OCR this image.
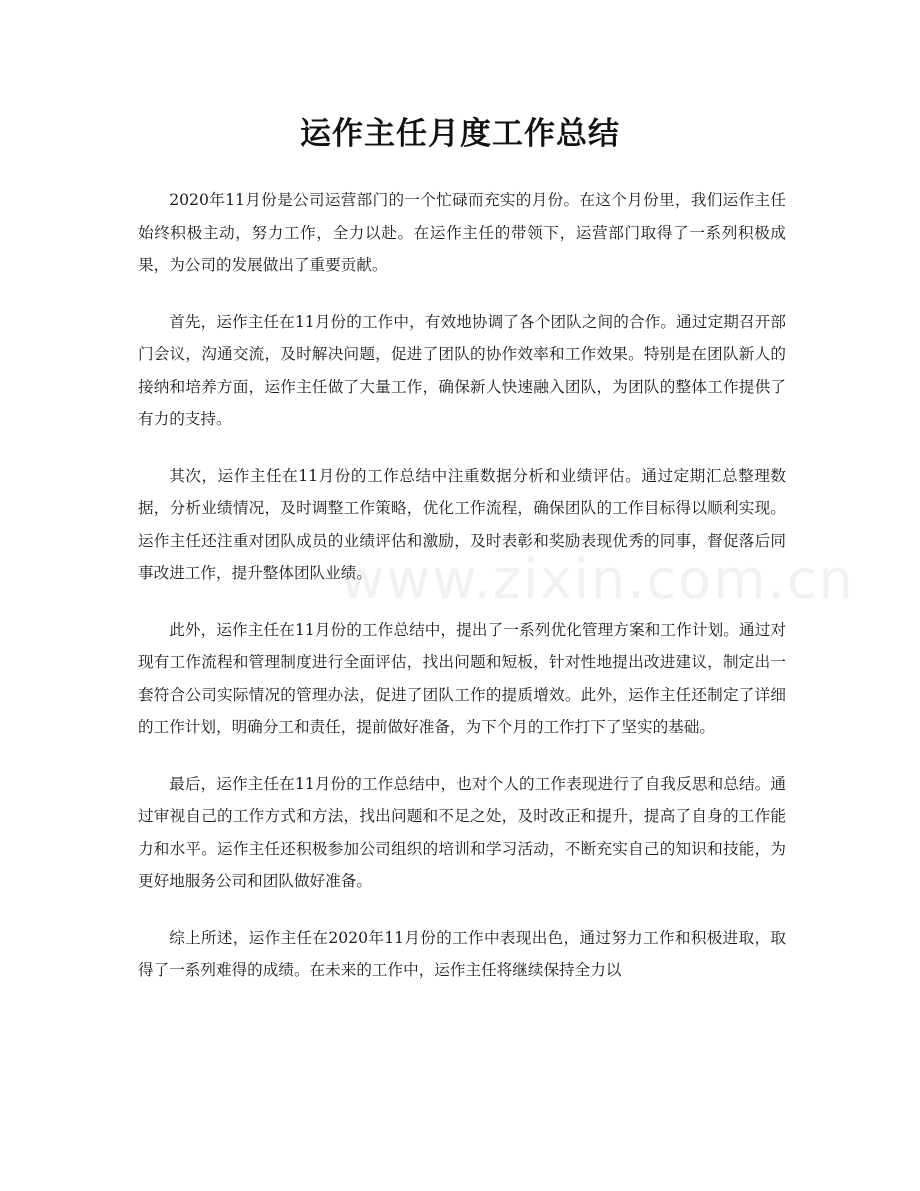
运作主任月度工作总结
www.zixin.com.cn

2020年11月份是公司运营部门的一个忙碌而充实的月份。在这个月份里，我们运作主任始终积极主动，努力工作，全力以赴。在运作主任的带领下，运营部门取得了一系列积极成果，为公司的发展做出了重要贡献。

首先，运作主任在11月份的工作中，有效地协调了各个团队之间的合作。通过定期召开部门会议，沟通交流，及时解决问题，促进了团队的协作效率和工作效果。特别是在团队新人的接纳和培养方面，运作主任做了大量工作，确保新人快速融入团队，为团队的整体工作提供了有力的支持。

其次，运作主任在11月份的工作总结中注重数据分析和业绩评估。通过定期汇总整理数据，分析业绩情况，及时调整工作策略，优化工作流程，确保团队的工作目标得以顺利实现。运作主任还注重对团队成员的业绩评估和激励，及时表彰和奖励表现优秀的同事，督促落后同事改进工作，提升整体团队业绩。

此外，运作主任在11月份的工作总结中，提出了一系列优化管理方案和工作计划。通过对现有工作流程和管理制度进行全面评估，找出问题和短板，针对性地提出改进建议，制定出一套符合公司实际情况的管理办法，促进了团队工作的提质增效。此外，运作主任还制定了详细的工作计划，明确分工和责任，提前做好准备，为下个月的工作打下了坚实的基础。

最后，运作主任在11月份的工作总结中，也对个人的工作表现进行了自我反思和总结。通过审视自己的工作方式和方法，找出问题和不足之处，及时改正和提升，提高了自身的工作能力和水平。运作主任还积极参加公司组织的培训和学习活动，不断充实自己的知识和技能，为更好地服务公司和团队做好准备。

综上所述，运作主任在2020年11月份的工作中表现出色，通过努力工作和积极进取，取得了一系列难得的成绩。在未来的工作中，运作主任将继续保持全力以
